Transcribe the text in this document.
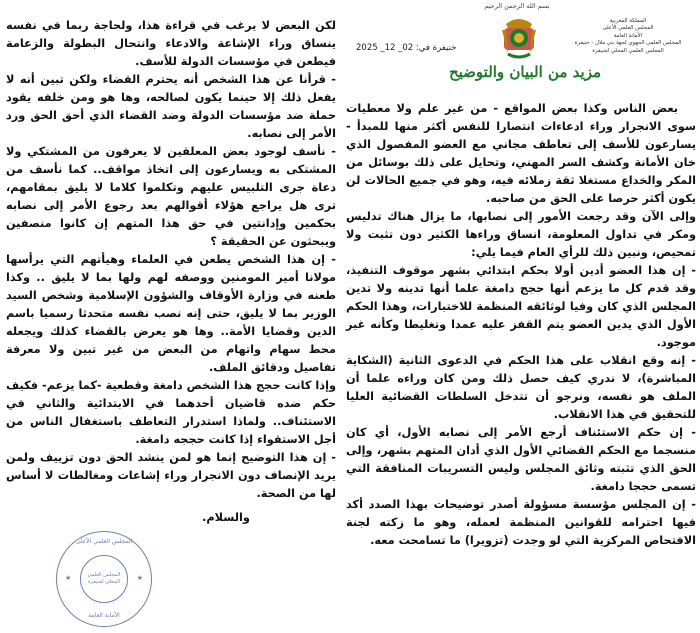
بسم الله الرحمن الرحيم
المملكة المغربية
المجلس العلمي الأعلى
الأمانة العامة
المجلس العلمي الجهوي لجهة بني ملال - خنيفرة
المجلس العلمي المحلي لخنيفرة
خنيفرة في: 02_ 12_ 2025
مزيد من البيان والتوضيح

بعض الناس وكذا بعض المواقع - من غير علم ولا معطيات سوى الانجرار وراء ادعاءات انتصارا للنفس أكثر منها للمبدأ - يسارعون للأسف إلى تعاطف مجاني مع العضو المفصول الذي خان الأمانة وكشف السر المهني، وتحايل على ذلك بوسائل من المكر والخداع مستغلا ثقة زملائه فيه، وهو في جميع الحالات لن يكون أكثر حرصا على الحق من صاحبه.

وإلى الآن وقد رجعت الأمور إلى نصابها، ما يزال هناك تدليس ومكر في تداول المعلومة، انساق وراءها الكثير دون تثبت ولا تمحيص، ونبين ذلك للرأي العام فيما يلي:

- إن هذا العضو أدين أولا بحكم ابتدائي بشهر موقوف التنفيذ، وقد قدم كل ما يزعم أنها حجج دامغة علما أنها تدينه ولا تدين المجلس الذي كان وفيا لوثائقه المنظمة للاختبارات، وهذا الحكم الأول الذي يدين العضو يتم القفز عليه عمدا وتغليطا وكأنه غير موجود.

- إنه وقع انقلاب على هذا الحكم في الدعوى الثانية (الشكاية المباشرة)، لا ندري كيف حصل ذلك ومن كان وراءه علما أن الملف هو نفسه، ونرجو أن تتدخل السلطات القضائية العليا للتحقيق في هذا الانقلاب.

- إن حكم الاستئناف أرجع الأمر إلى نصابه الأول، أي كان منسجما مع الحكم القضائي الأول الذي أدان المتهم بشهر، وإلى الحق الذي تثبته وثائق المجلس وليس التسريبات المنافقة التي تسمى حججا دامغة.

- إن المجلس مؤسسة مسؤولة أصدر توضيحات بهذا الصدد أكد فيها احترامه للقوانين المنظمة لعمله، وهو ما زكته لجنة الافتحاص المركزية التي لو وجدت (تزويرا) ما تسامحت معه.

لكن البعض لا يرغب في قراءة هذا، ولحاجة ربما في نفسه ينساق وراء الإشاعة والادعاء وانتحال البطولة والزعامة فيطعن في مؤسسات الدولة للأسف.

- قرأنا عن هذا الشخص أنه يحترم القضاء ولكن تبين أنه لا يفعل ذلك إلا حينما يكون لصالحه، وها هو ومن خلفه يقود حملة ضد مؤسسات الدولة وضد القضاء الذي أحق الحق ورد الأمر إلى نصابه.

- نأسف لوجود بعض المعلقين لا يعرفون من المشتكي ولا المشتكى به ويسارعون إلى اتخاذ مواقف.. كما نأسف من دعاة جرى التلبيس عليهم وتكلموا كلاما لا يليق بمقامهم، ترى هل يراجع هؤلاء أقوالهم بعد رجوع الأمر إلى نصابه بحكمين وإدانتين في حق هذا المتهم إن كانوا منصفين ويبحثون عن الحقيقة ؟

- إن هذا الشخص يطعن في العلماء وهيأتهم التي يرأسها مولانا أمير المومنين ووصفه لهم ولها بما لا يليق .. وكذا طعنه في وزارة الأوقاف والشؤون الإسلامية وشخص السيد الوزير بما لا يليق، حتى إنه نصب نفسه متحدثا رسميا باسم الدين وقضايا الأمة.. وها هو يعرض بالقضاء كذلك ويجعله محط سهام واتهام من البعض من غير تبين ولا معرفة تفاصيل ودقائق الملف.

وإذا كانت حجج هذا الشخص دامغة وقطعية -كما يزعم- فكيف حكم ضده قاضيان أحدهما في الابتدائية والثاني في الاستئناف.. ولماذا استدرار التعاطف باستغفال الناس من أجل الاستقواء إذا كانت حججه دامغة.

- إن هذا التوضيح إنما هو لمن ينشد الحق دون تزييف ولمن يريد الإنصاف دون الانجرار وراء إشاعات ومغالطات لا أساس لها من الصحة.

والسلام.

المجلس العلمي الأعلى
★	★
المجلس العلمي المحلي لخنيفرة
الأمانة العامة
